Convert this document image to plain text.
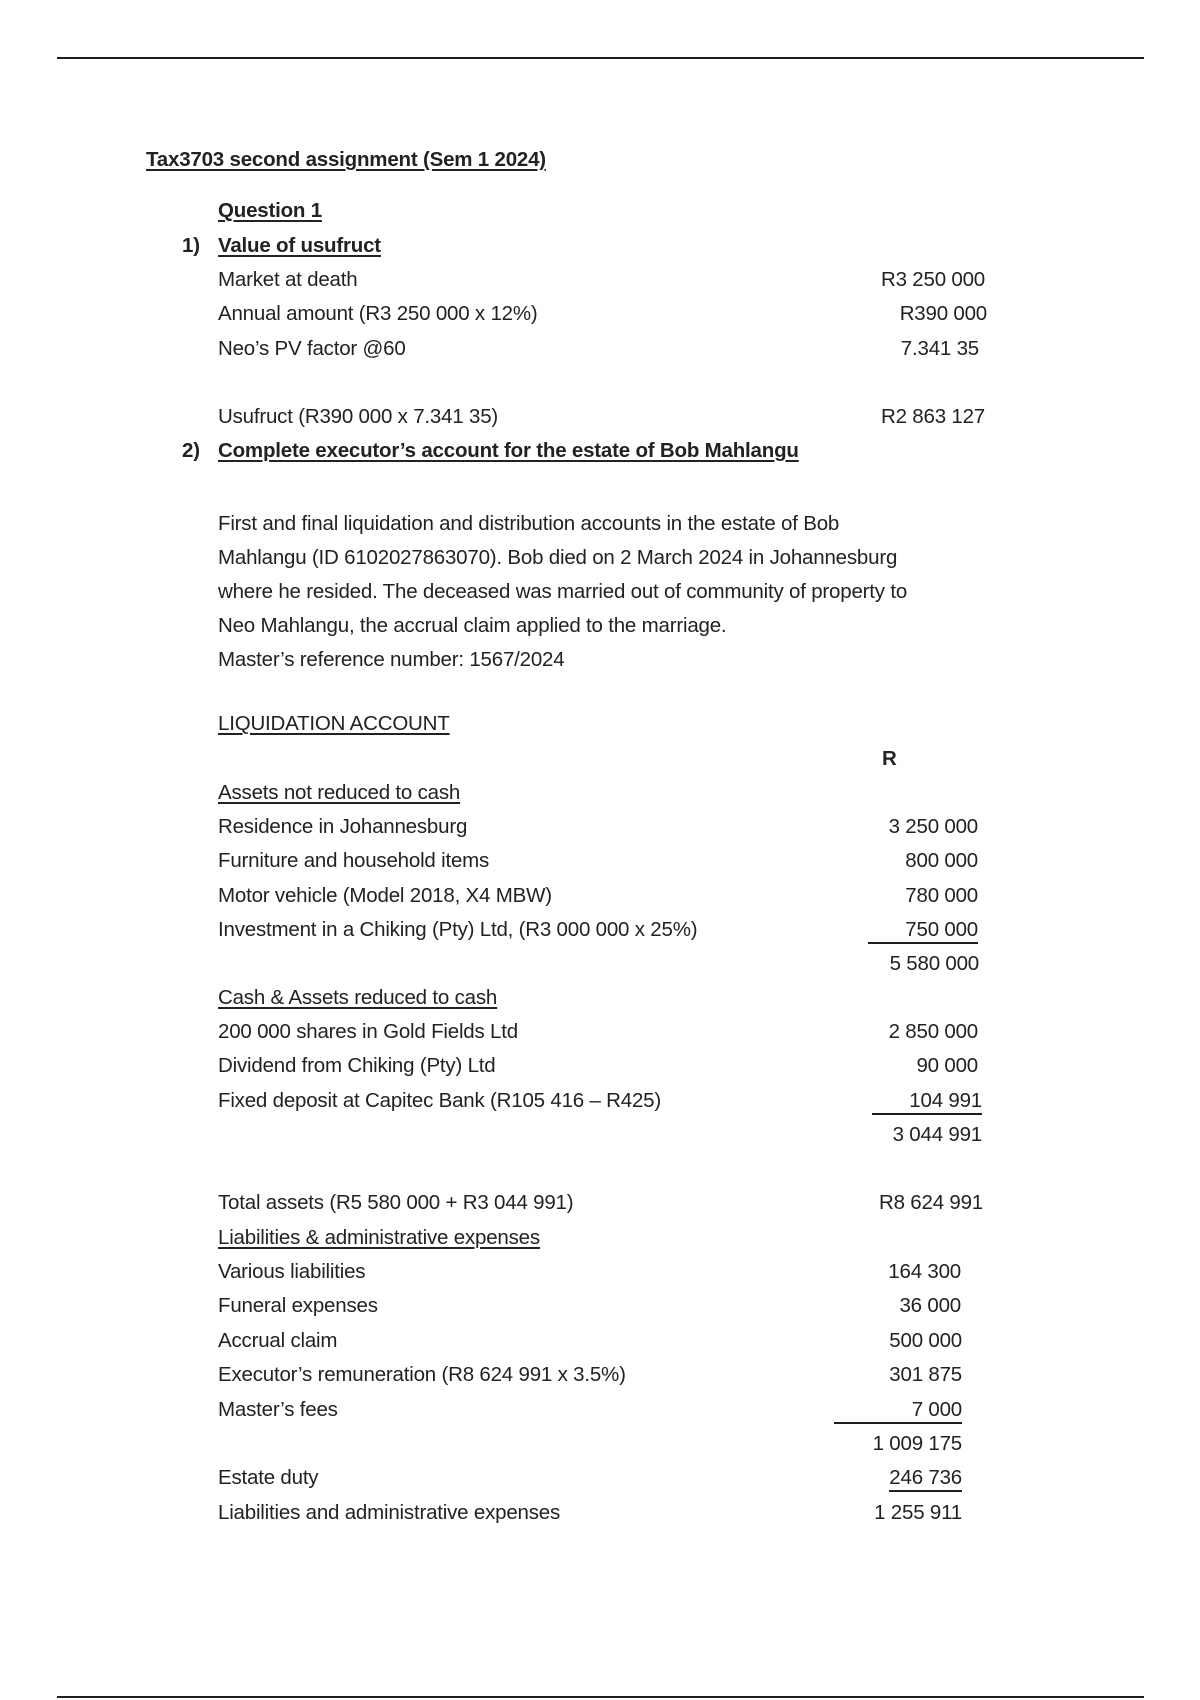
Tax3703 second assignment (Sem 1 2024)
Question 1
1) Value of usufruct
Market at death	R3 250 000
Annual amount (R3 250 000 x 12%)	R390 000
Neo’s PV factor @60	7.341 35
Usufruct (R390 000 x 7.341 35)	R2 863 127
2) Complete executor’s account for the estate of Bob Mahlangu
First and final liquidation and distribution accounts in the estate of Bob
Mahlangu (ID 6102027863070). Bob died on 2 March 2024 in Johannesburg
where he resided. The deceased was married out of community of property to
Neo Mahlangu, the accrual claim applied to the marriage.
Master’s reference number: 1567/2024
LIQUIDATION ACCOUNT
R
Assets not reduced to cash
Residence in Johannesburg	3 250 000
Furniture and household items	800 000
Motor vehicle (Model 2018, X4 MBW)	780 000
Investment in a Chiking (Pty) Ltd, (R3 000 000 x 25%)	750 000
5 580 000
Cash & Assets reduced to cash
200 000 shares in Gold Fields Ltd	2 850 000
Dividend from Chiking (Pty) Ltd	90 000
Fixed deposit at Capitec Bank (R105 416 – R425)	104 991
3 044 991
Total assets (R5 580 000 + R3 044 991)	R8 624 991
Liabilities & administrative expenses
Various liabilities	164 300
Funeral expenses	36 000
Accrual claim	500 000
Executor’s remuneration (R8 624 991 x 3.5%)	301 875
Master’s fees	7 000
1 009 175
Estate duty	246 736
Liabilities and administrative expenses	1 255 911
